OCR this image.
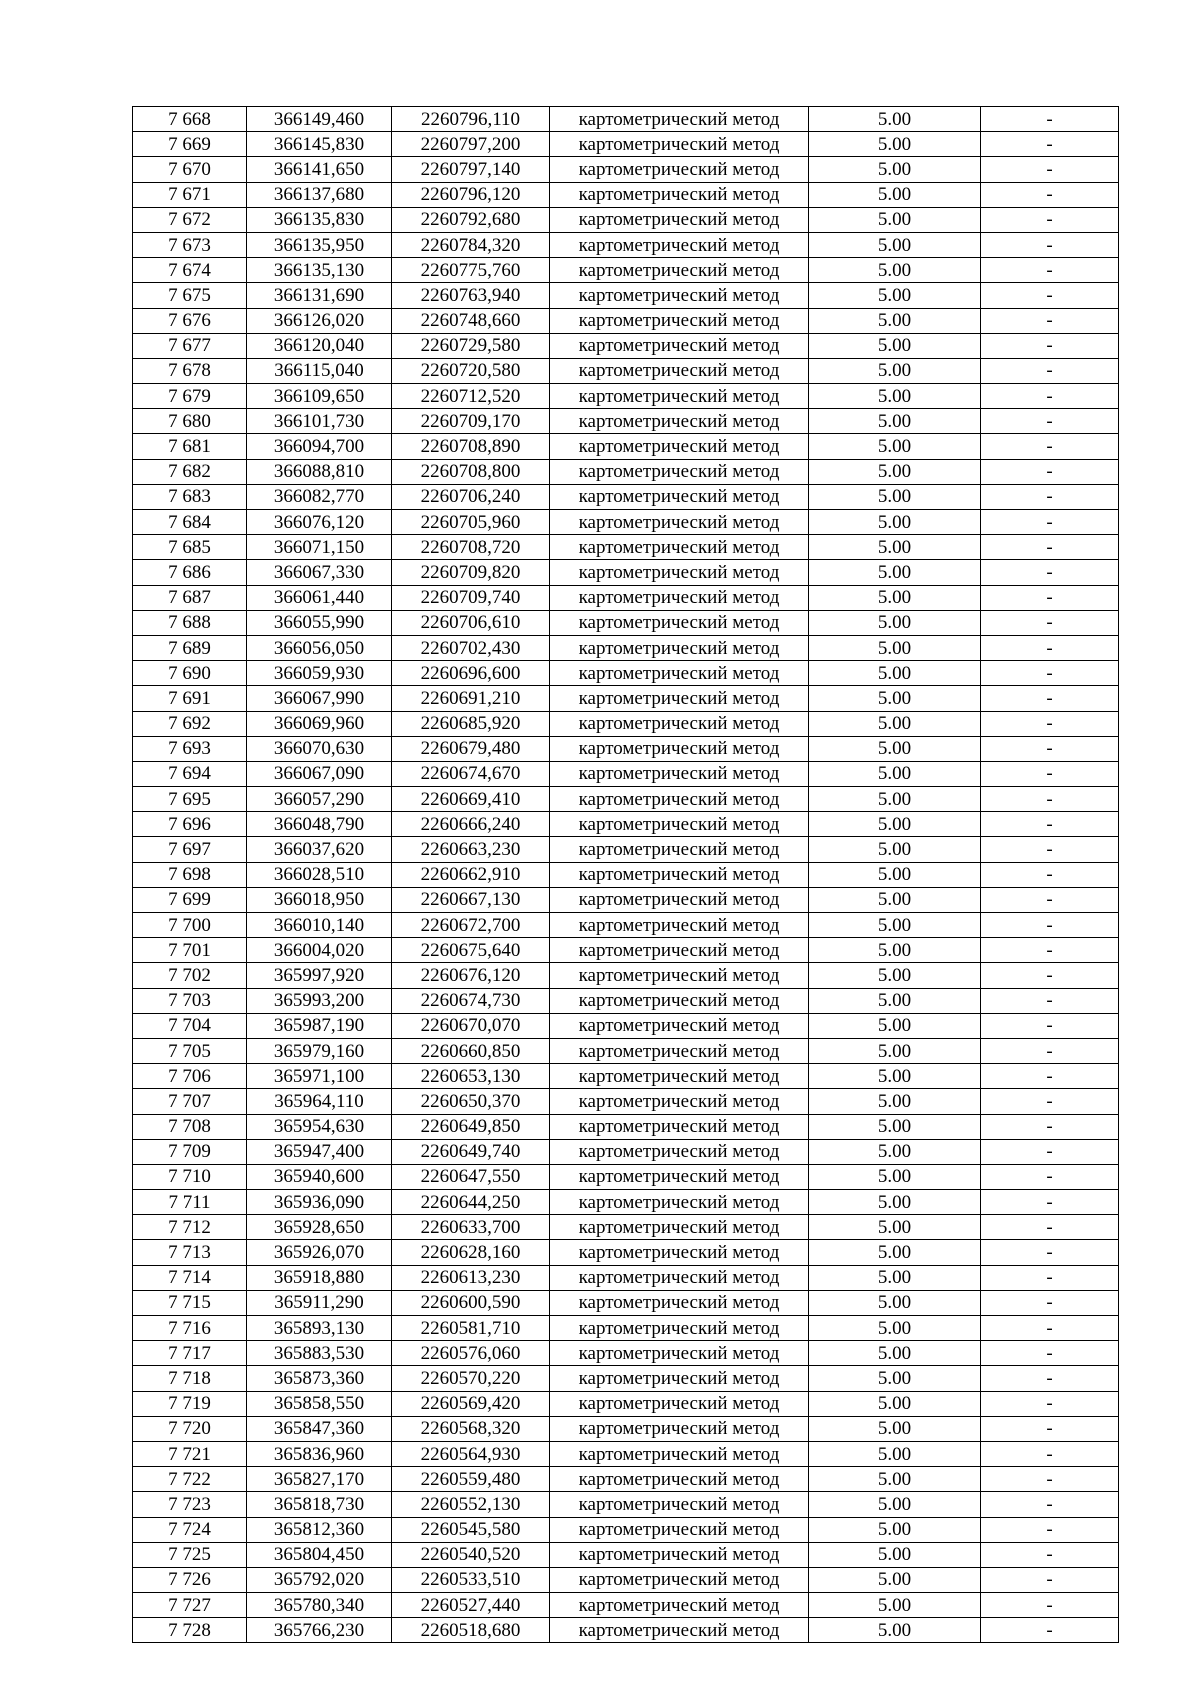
7 668	366149,460	2260796,110	картометрический метод	5.00	-
7 669	366145,830	2260797,200	картометрический метод	5.00	-
7 670	366141,650	2260797,140	картометрический метод	5.00	-
7 671	366137,680	2260796,120	картометрический метод	5.00	-
7 672	366135,830	2260792,680	картометрический метод	5.00	-
7 673	366135,950	2260784,320	картометрический метод	5.00	-
7 674	366135,130	2260775,760	картометрический метод	5.00	-
7 675	366131,690	2260763,940	картометрический метод	5.00	-
7 676	366126,020	2260748,660	картометрический метод	5.00	-
7 677	366120,040	2260729,580	картометрический метод	5.00	-
7 678	366115,040	2260720,580	картометрический метод	5.00	-
7 679	366109,650	2260712,520	картометрический метод	5.00	-
7 680	366101,730	2260709,170	картометрический метод	5.00	-
7 681	366094,700	2260708,890	картометрический метод	5.00	-
7 682	366088,810	2260708,800	картометрический метод	5.00	-
7 683	366082,770	2260706,240	картометрический метод	5.00	-
7 684	366076,120	2260705,960	картометрический метод	5.00	-
7 685	366071,150	2260708,720	картометрический метод	5.00	-
7 686	366067,330	2260709,820	картометрический метод	5.00	-
7 687	366061,440	2260709,740	картометрический метод	5.00	-
7 688	366055,990	2260706,610	картометрический метод	5.00	-
7 689	366056,050	2260702,430	картометрический метод	5.00	-
7 690	366059,930	2260696,600	картометрический метод	5.00	-
7 691	366067,990	2260691,210	картометрический метод	5.00	-
7 692	366069,960	2260685,920	картометрический метод	5.00	-
7 693	366070,630	2260679,480	картометрический метод	5.00	-
7 694	366067,090	2260674,670	картометрический метод	5.00	-
7 695	366057,290	2260669,410	картометрический метод	5.00	-
7 696	366048,790	2260666,240	картометрический метод	5.00	-
7 697	366037,620	2260663,230	картометрический метод	5.00	-
7 698	366028,510	2260662,910	картометрический метод	5.00	-
7 699	366018,950	2260667,130	картометрический метод	5.00	-
7 700	366010,140	2260672,700	картометрический метод	5.00	-
7 701	366004,020	2260675,640	картометрический метод	5.00	-
7 702	365997,920	2260676,120	картометрический метод	5.00	-
7 703	365993,200	2260674,730	картометрический метод	5.00	-
7 704	365987,190	2260670,070	картометрический метод	5.00	-
7 705	365979,160	2260660,850	картометрический метод	5.00	-
7 706	365971,100	2260653,130	картометрический метод	5.00	-
7 707	365964,110	2260650,370	картометрический метод	5.00	-
7 708	365954,630	2260649,850	картометрический метод	5.00	-
7 709	365947,400	2260649,740	картометрический метод	5.00	-
7 710	365940,600	2260647,550	картометрический метод	5.00	-
7 711	365936,090	2260644,250	картометрический метод	5.00	-
7 712	365928,650	2260633,700	картометрический метод	5.00	-
7 713	365926,070	2260628,160	картометрический метод	5.00	-
7 714	365918,880	2260613,230	картометрический метод	5.00	-
7 715	365911,290	2260600,590	картометрический метод	5.00	-
7 716	365893,130	2260581,710	картометрический метод	5.00	-
7 717	365883,530	2260576,060	картометрический метод	5.00	-
7 718	365873,360	2260570,220	картометрический метод	5.00	-
7 719	365858,550	2260569,420	картометрический метод	5.00	-
7 720	365847,360	2260568,320	картометрический метод	5.00	-
7 721	365836,960	2260564,930	картометрический метод	5.00	-
7 722	365827,170	2260559,480	картометрический метод	5.00	-
7 723	365818,730	2260552,130	картометрический метод	5.00	-
7 724	365812,360	2260545,580	картометрический метод	5.00	-
7 725	365804,450	2260540,520	картометрический метод	5.00	-
7 726	365792,020	2260533,510	картометрический метод	5.00	-
7 727	365780,340	2260527,440	картометрический метод	5.00	-
7 728	365766,230	2260518,680	картометрический метод	5.00	-
